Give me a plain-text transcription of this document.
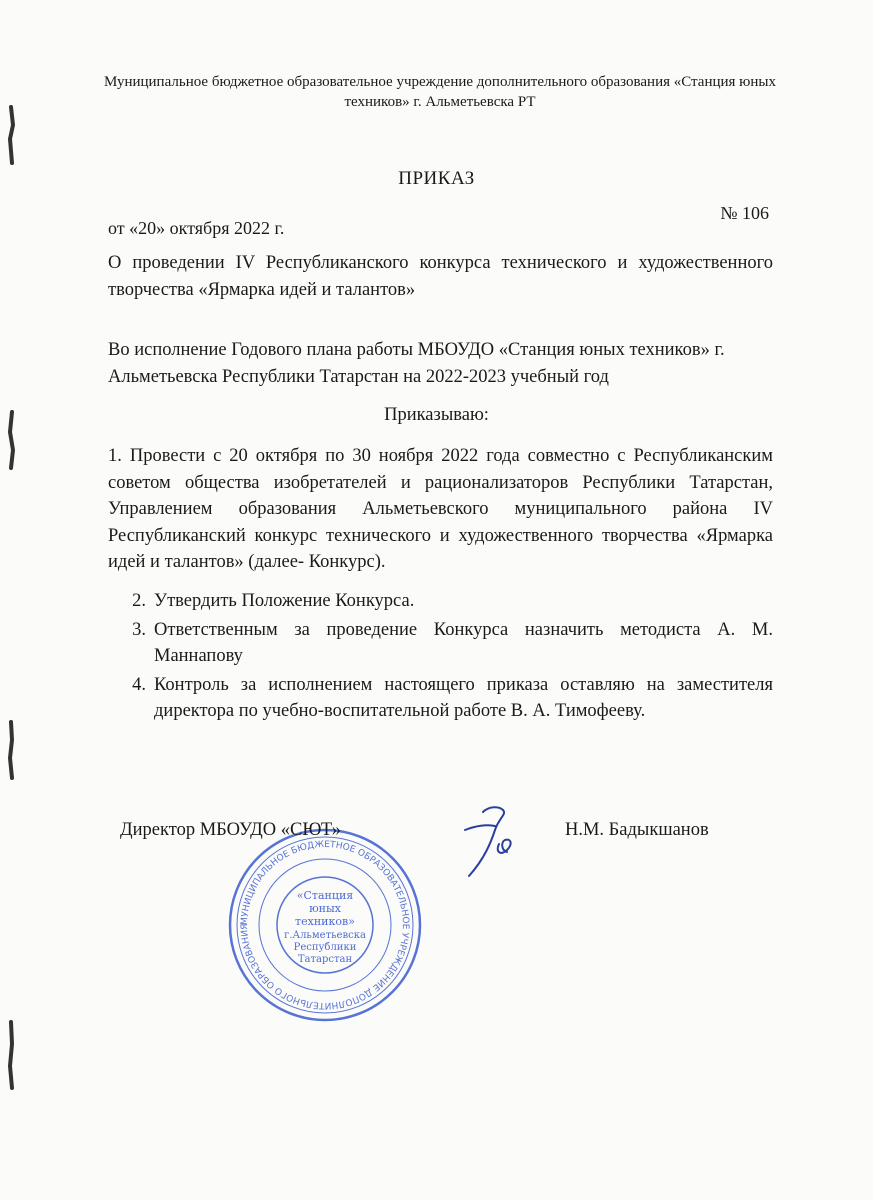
Муниципальное бюджетное образовательное учреждение дополнительного образования «Станция юных техников» г. Альметьевска РТ

ПРИКАЗ

от «20» октября 2022 г.

№ 106

О проведении IV Республиканского конкурса технического и художественного творчества «Ярмарка идей и талантов»

Во исполнение Годового плана работы МБОУДО «Станция юных техников» г. Альметьевска Республики Татарстан на 2022-2023 учебный год

Приказываю:

1. Провести с 20 октября по 30 ноября 2022 года совместно с Республиканским советом общества изобретателей и рационализаторов Республики Татарстан, Управлением образования Альметьевского муниципального района IV Республиканский конкурс технического и художественного творчества «Ярмарка идей и талантов» (далее- Конкурс).

2. Утвердить Положение Конкурса.
3. Ответственным за проведение Конкурса назначить методиста А. М. Маннапову
4. Контроль за исполнением настоящего приказа оставляю на заместителя директора по учебно-воспитательной работе В. А. Тимофееву.
МУНИЦИПАЛЬНОЕ БЮДЖЕТНОЕ ОБРАЗОВАТЕЛЬНОЕ УЧРЕЖДЕНИЕ ДОПОЛНИТЕЛЬНОГО ОБРАЗОВАНИЯ
«Станция
юных
техников»
г.Альметьевска
Республики
Татарстан

Директор МБОУДО «СЮТ»	Н.М. Бадыкшанов
